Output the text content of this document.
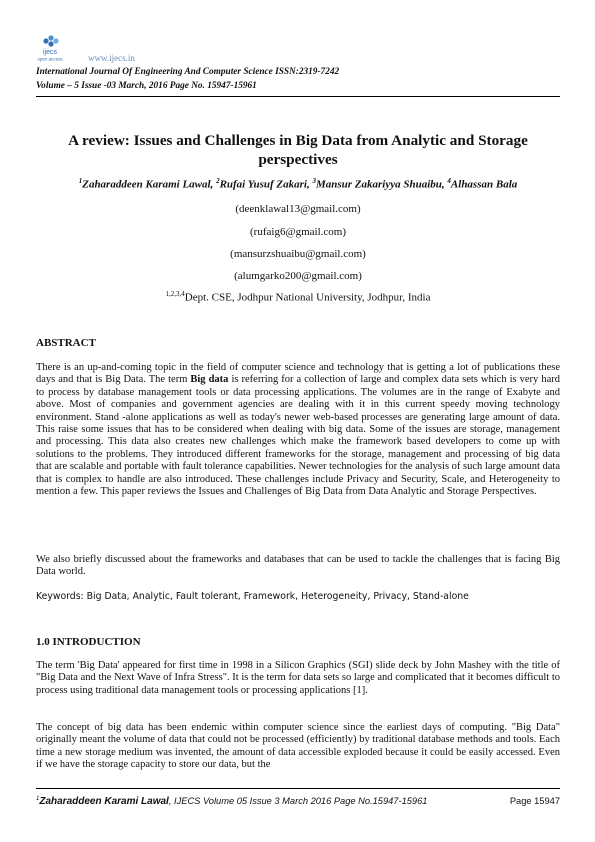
ijecs
open access	www.ijecs.in
International Journal Of Engineering And Computer Science ISSN:2319-7242
Volume – 5 Issue -03 March, 2016 Page No. 15947-15961
A review: Issues and Challenges in Big Data from Analytic and Storage perspectives
$^1$Zaharaddeen Karami Lawal, $^2$Rufai Yusuf Zakari, $^3$Mansur Zakariyya Shuaibu, $^4$Alhassan Bala
(deenklawal13@gmail.com)
(rufaig6@gmail.com)
(mansurzshuaibu@gmail.com)
(alumgarko200@gmail.com)
$^{1,2,3,4}$Dept. CSE, Jodhpur National University, Jodhpur, India
ABSTRACT
There is an up-and-coming topic in the field of computer science and technology that is getting a lot of publications these days and that is Big Data. The term Big data is referring for a collection of large and complex data sets which is very hard to process by database management tools or data processing applications. The volumes are in the range of Exabyte and above. Most of companies and government agencies are dealing with it in this current speedy moving technology environment. Stand -alone applications as well as today's newer web-based processes are generating large amount of data. This raise some issues that has to be considered when dealing with big data. Some of the issues are storage, management and processing. This data also creates new challenges which make the framework based developers to come up with solutions to the problems. They introduced different frameworks for the storage, management and processing of big data that are scalable and portable with fault tolerance capabilities. Newer technologies for the analysis of such large amount data that is complex to handle are also introduced. These challenges include Privacy and Security, Scale, and Heterogeneity to mention a few. This paper reviews the Issues and Challenges of Big Data from Data Analytic and Storage Perspectives.
We also briefly discussed about the frameworks and databases that can be used to tackle the challenges that is facing Big Data world.
Keywords: Big Data, Analytic, Fault tolerant, Framework, Heterogeneity, Privacy, Stand-alone
1.0 INTRODUCTION
The term 'Big Data' appeared for first time in 1998 in a Silicon Graphics (SGI) slide deck by John Mashey with the title of "Big Data and the Next Wave of Infra Stress". It is the term for data sets so large and complicated that it becomes difficult to process using traditional data management tools or processing applications [1].
The concept of big data has been endemic within computer science since the earliest days of computing. "Big Data" originally meant the volume of data that could not be processed (efficiently) by traditional database methods and tools. Each time a new storage medium was invented, the amount of data accessible exploded because it could be easily accessed. Even if we have the storage capacity to store our data, but the
$^1$Zaharaddeen Karami Lawal, IJECS Volume 05 Issue 3 March 2016 Page No.15947-15961	Page 15947
